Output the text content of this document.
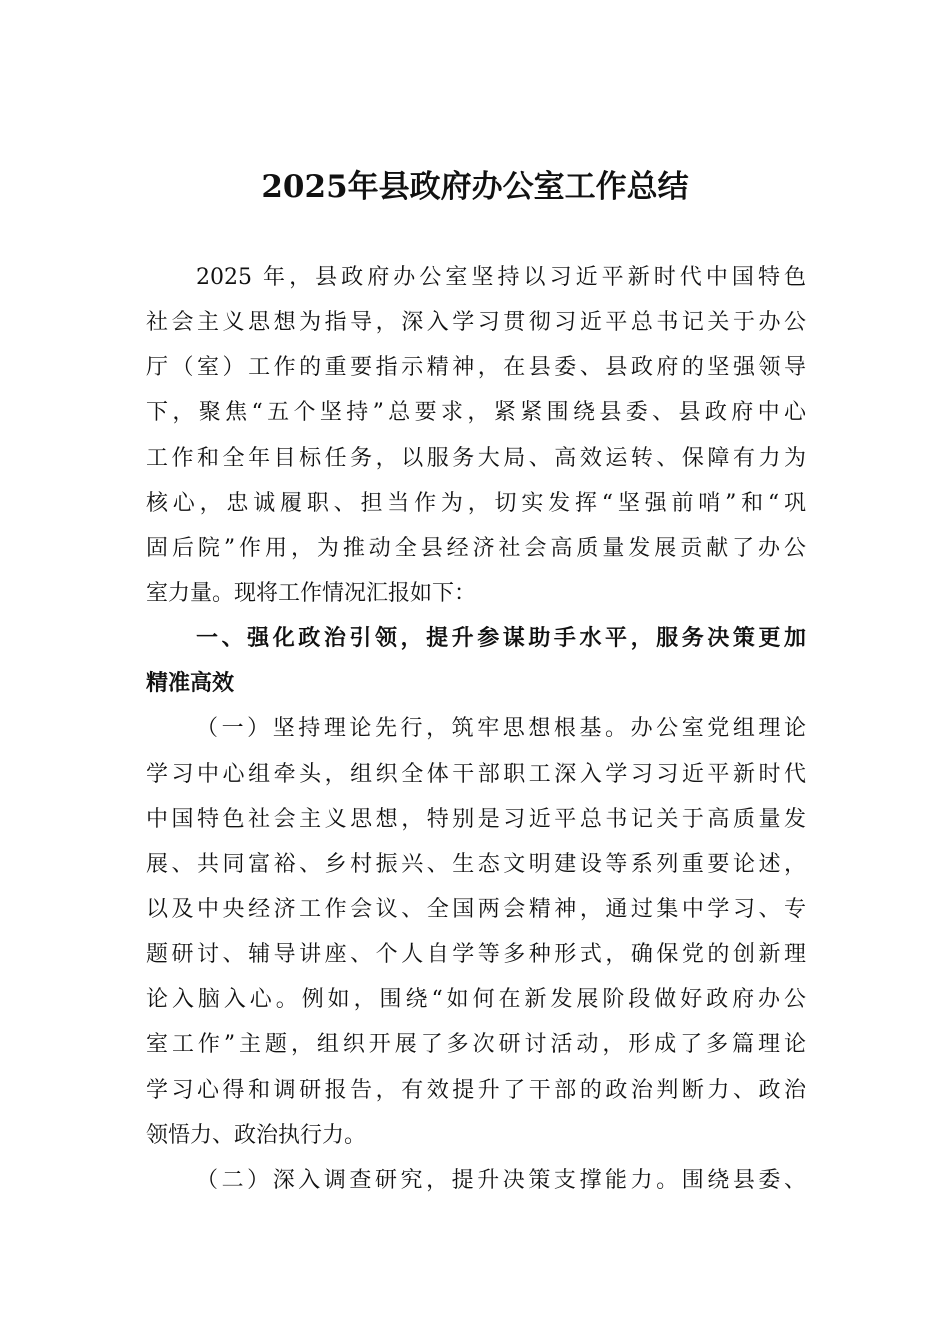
2025年县政府办公室工作总结
2025 年，县政府办公室坚持以习近平新时代中国特色
社会主义思想为指导，深入学习贯彻习近平总书记关于办公
厅（室）工作的重要指示精神，在县委、县政府的坚强领导
下，聚焦“五个坚持”总要求，紧紧围绕县委、县政府中心
工作和全年目标任务，以服务大局、高效运转、保障有力为
核心，忠诚履职、担当作为，切实发挥“坚强前哨”和“巩
固后院”作用，为推动全县经济社会高质量发展贡献了办公
室力量。现将工作情况汇报如下：
一、强化政治引领，提升参谋助手水平，服务决策更加
精准高效
（一）坚持理论先行，筑牢思想根基。办公室党组理论
学习中心组牵头，组织全体干部职工深入学习习近平新时代
中国特色社会主义思想，特别是习近平总书记关于高质量发
展、共同富裕、乡村振兴、生态文明建设等系列重要论述，
以及中央经济工作会议、全国两会精神，通过集中学习、专
题研讨、辅导讲座、个人自学等多种形式，确保党的创新理
论入脑入心。例如，围绕“如何在新发展阶段做好政府办公
室工作”主题，组织开展了多次研讨活动，形成了多篇理论
学习心得和调研报告，有效提升了干部的政治判断力、政治
领悟力、政治执行力。
（二）深入调查研究，提升决策支撑能力。围绕县委、
